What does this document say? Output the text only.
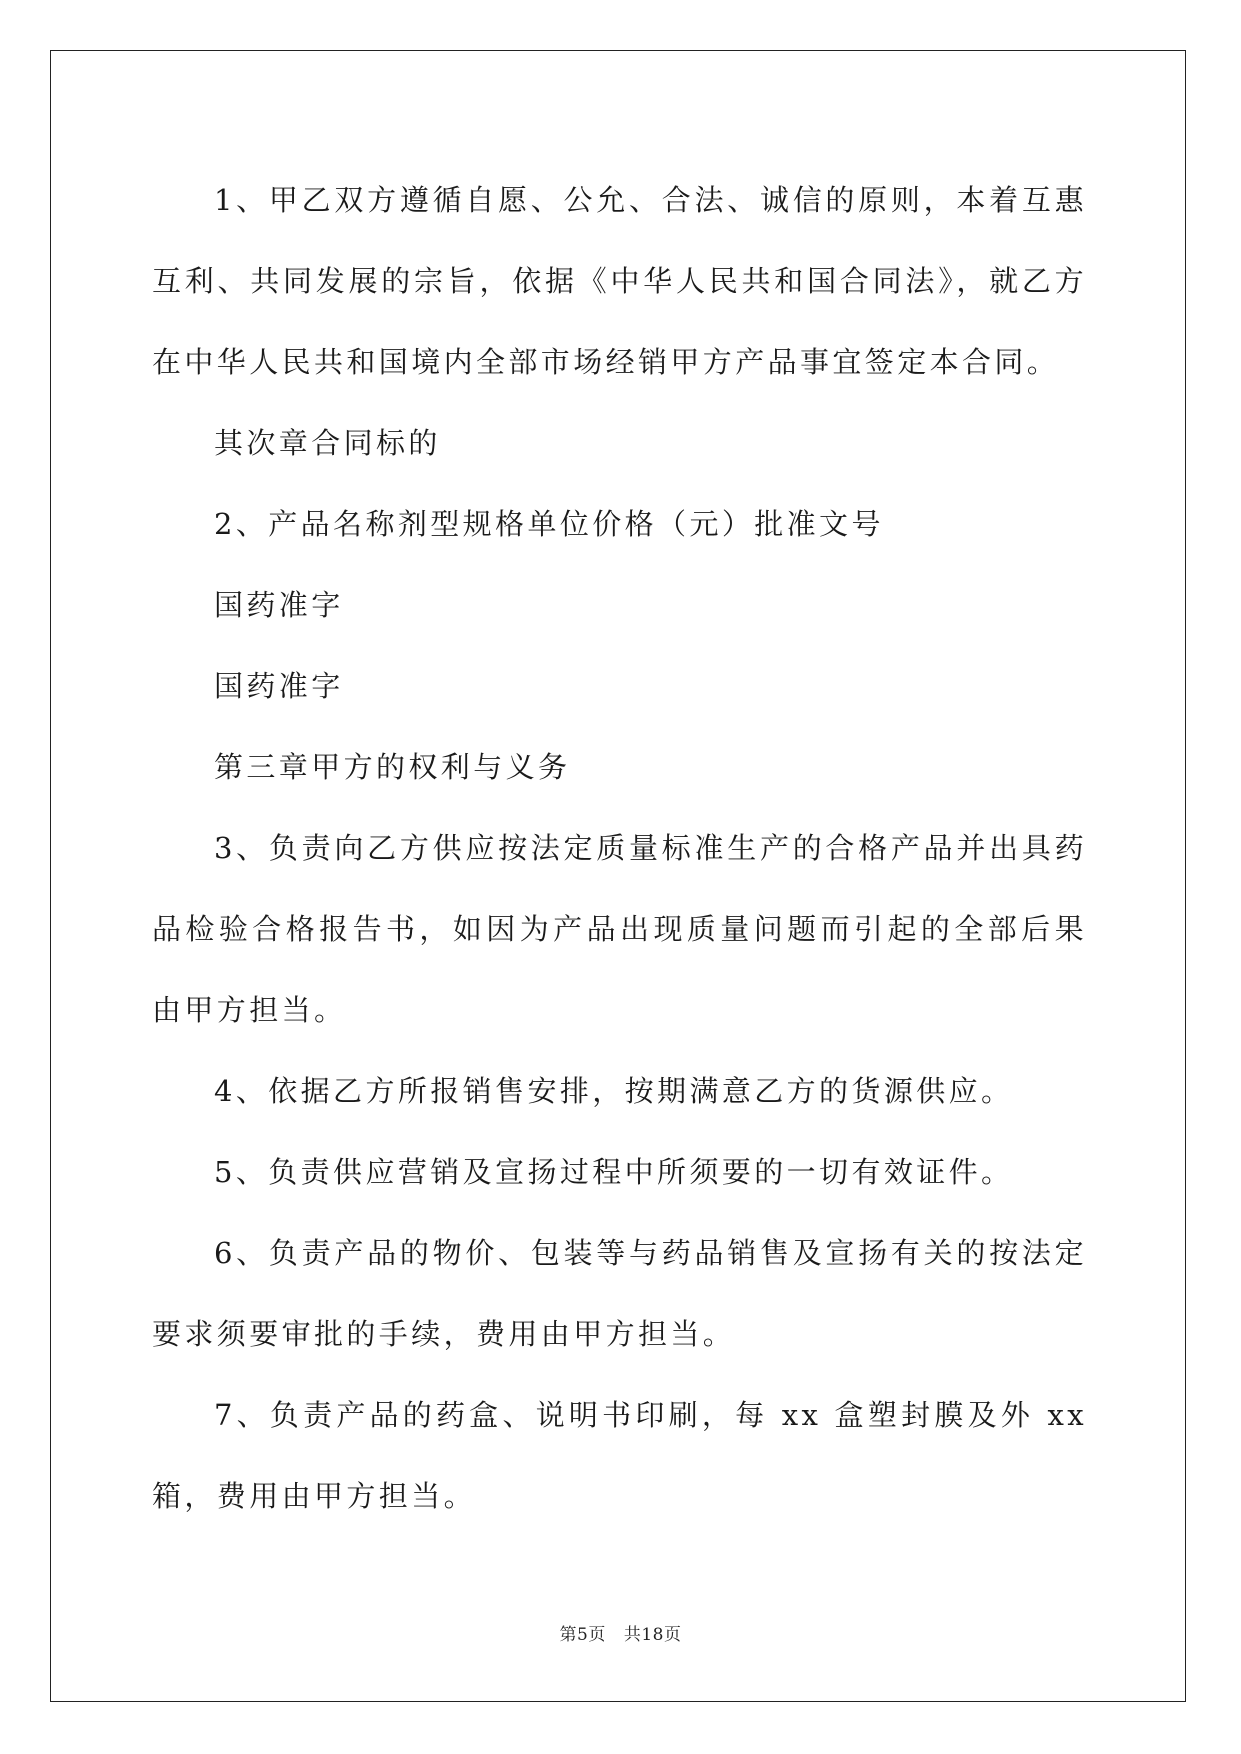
1、甲乙双方遵循自愿、公允、合法、诚信的原则，本着互惠互利、共同发展的宗旨，依据《中华人民共和国合同法》，就乙方在中华人民共和国境内全部市场经销甲方产品事宜签定本合同。

其次章合同标的

2、产品名称剂型规格单位价格（元）批准文号

国药准字

国药准字

第三章甲方的权利与义务

3、负责向乙方供应按法定质量标准生产的合格产品并出具药品检验合格报告书，如因为产品出现质量问题而引起的全部后果由甲方担当。

4、依据乙方所报销售安排，按期满意乙方的货源供应。

5、负责供应营销及宣扬过程中所须要的一切有效证件。

6、负责产品的物价、包装等与药品销售及宣扬有关的按法定要求须要审批的手续，费用由甲方担当。

7、负责产品的药盒、说明书印刷，每 xx 盒塑封膜及外 xx 箱，费用由甲方担当。

第5页 共18页
